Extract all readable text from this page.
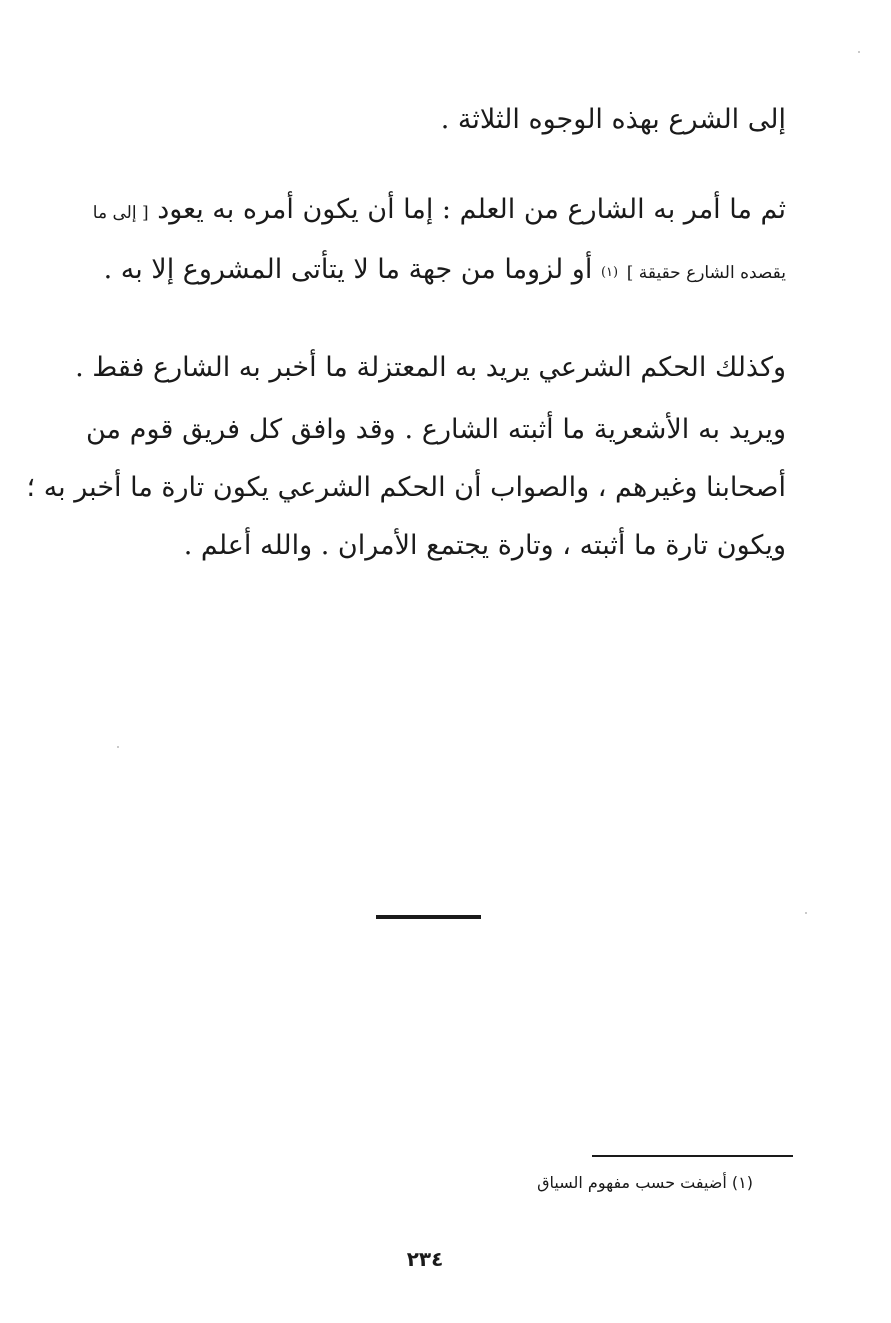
إلى الشرع بهذه الوجوه الثلاثة .
ثم ما أمر به الشارع من العلم : إما أن يكون أمره به يعود [ إلى ما
يقصده الشارع حقيقة ] (١) أو لزوما من جهة ما لا يتأتى المشروع إلا به .
وكذلك الحكم الشرعي يريد به المعتزلة ما أخبر به الشارع فقط .
ويريد به الأشعرية ما أثبته الشارع . وقد وافق كل فريق قوم من
أصحابنا وغيرهم ، والصواب أن الحكم الشرعي يكون تارة ما أخبر به ؛
ويكون تارة ما أثبته ، وتارة يجتمع الأمران . والله أعلم .
(١) أضيفت حسب مفهوم السياق
٢٣٤
